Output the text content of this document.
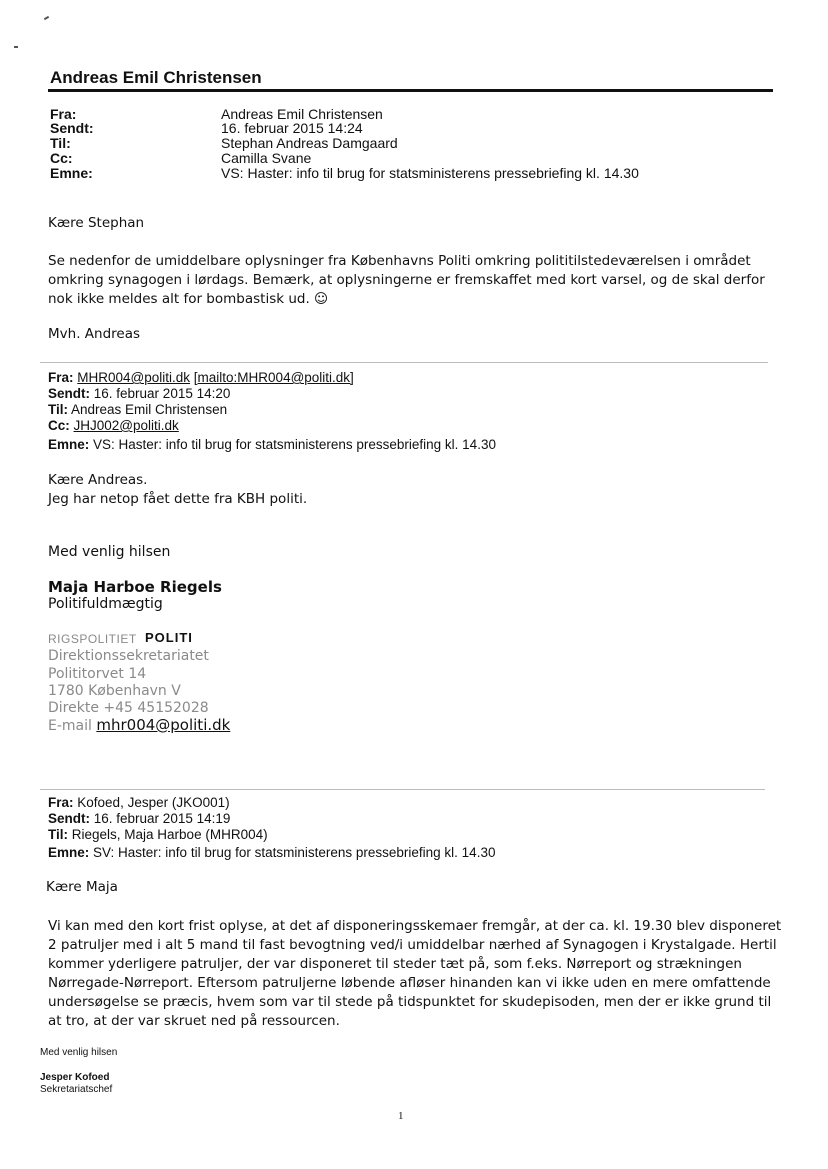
Andreas Emil Christensen
Fra:	Andreas Emil Christensen
Sendt:	16. februar 2015 14:24
Til:	Stephan Andreas Damgaard
Cc:	Camilla Svane
Emne:	VS: Haster: info til brug for statsministerens pressebriefing kl. 14.30
Kære Stephan
Se nedenfor de umiddelbare oplysninger fra Københavns Politi omkring polititilstedeværelsen i området omkring synagogen i lørdags. Bemærk, at oplysningerne er fremskaffet med kort varsel, og de skal derfor nok ikke meldes alt for bombastisk ud. ☺
Mvh. Andreas
Fra: MHR004@politi.dk [mailto:MHR004@politi.dk]
Sendt: 16. februar 2015 14:20
Til: Andreas Emil Christensen
Cc: JHJ002@politi.dk
Emne: VS: Haster: info til brug for statsministerens pressebriefing kl. 14.30
Kære Andreas.
Jeg har netop fået dette fra KBH politi.
Med venlig hilsen
Maja Harboe Riegels
Politifuldmægtig
RIGSPOLITIET POLITI
Direktionssekretariatet
Polititorvet 14
1780 København V
Direkte +45 45152028
E-mail mhr004@politi.dk
Fra: Kofoed, Jesper (JKO001)
Sendt: 16. februar 2015 14:19
Til: Riegels, Maja Harboe (MHR004)
Emne: SV: Haster: info til brug for statsministerens pressebriefing kl. 14.30
Kære Maja
Vi kan med den kort frist oplyse, at det af disponeringsskemaer fremgår, at der ca. kl. 19.30 blev disponeret 2 patruljer med i alt 5 mand til fast bevogtning ved/i umiddelbar nærhed af Synagogen i Krystalgade. Hertil kommer yderligere patruljer, der var disponeret til steder tæt på, som f.eks. Nørreport og strækningen Nørregade-Nørreport. Eftersom patruljerne løbende afløser hinanden kan vi ikke uden en mere omfattende undersøgelse se præcis, hvem som var til stede på tidspunktet for skudepisoden, men der er ikke grund til at tro, at der var skruet ned på ressourcen.
Med venlig hilsen
Jesper Kofoed
Sekretariatschef
1
